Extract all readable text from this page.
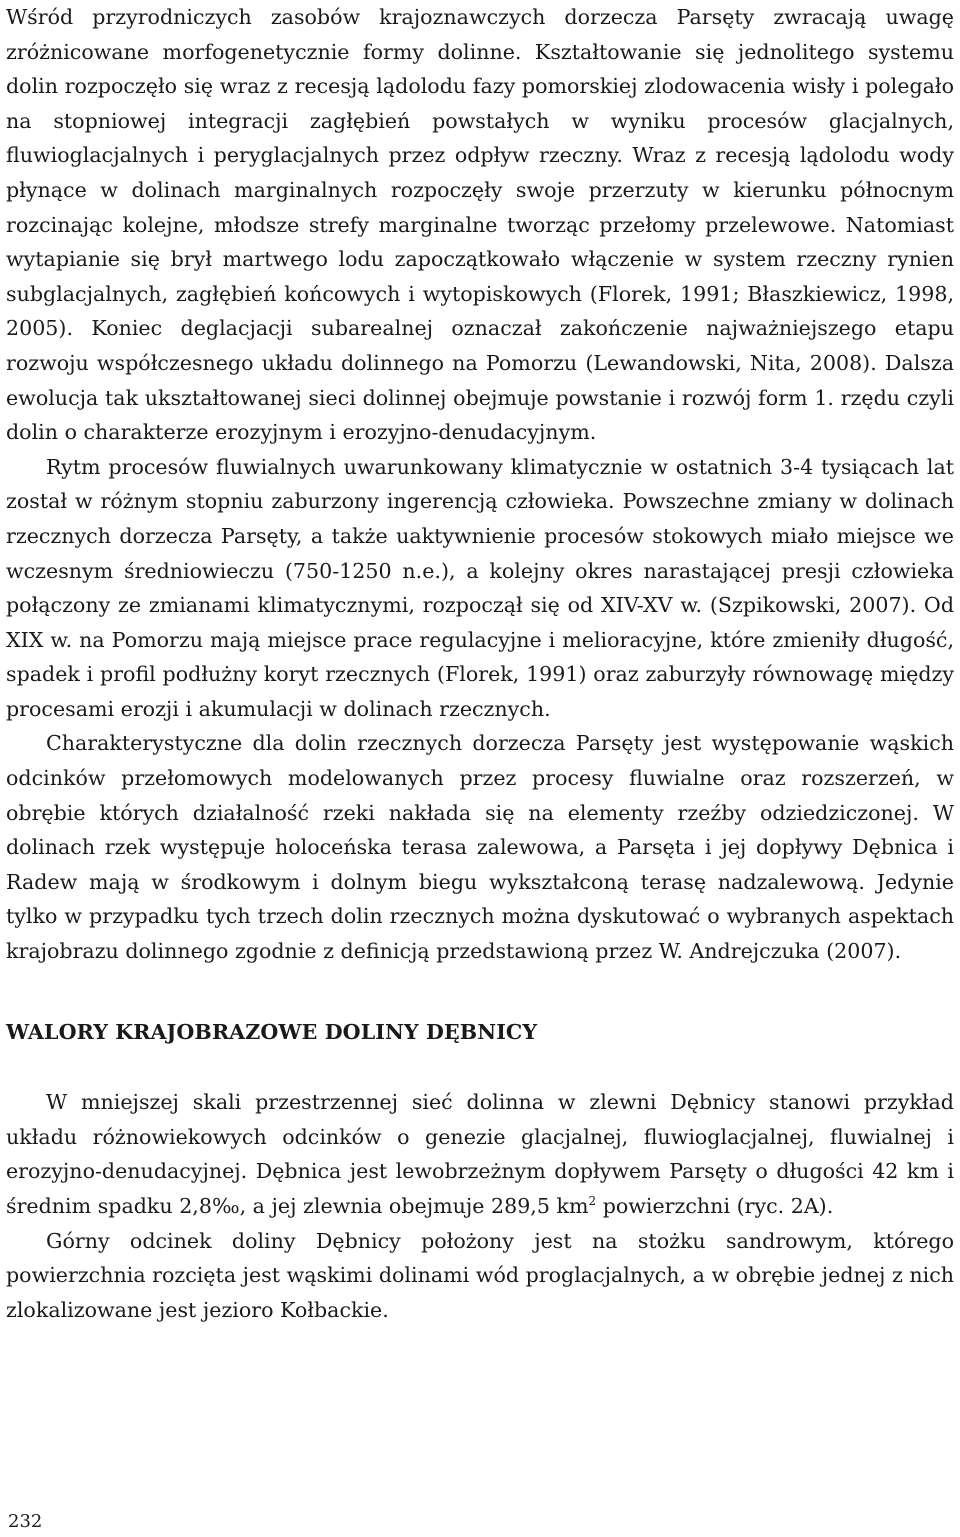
Wśród przyrodniczych zasobów krajoznawczych dorzecza Parsęty zwracają uwagę zróżnicowane morfogenetycznie formy dolinne. Kształtowanie się jednolitego systemu dolin rozpoczęło się wraz z recesją lądolodu fazy pomorskiej zlodowacenia wisły i polegało na stopniowej integracji zagłębień powstałych w wyniku procesów glacjalnych, fluwioglacjalnych i peryglacjalnych przez odpływ rzeczny. Wraz z recesją lądolodu wody płynące w dolinach marginalnych rozpoczęły swoje przerzuty w kierunku północnym rozcinając kolejne, młodsze strefy marginalne tworząc przełomy przelewowe. Natomiast wytapianie się brył martwego lodu zapoczątkowało włączenie w system rzeczny rynien subglacjalnych, zagłębień końcowych i wytopiskowych (Florek, 1991; Błaszkiewicz, 1998, 2005). Koniec deglacjacji subarealnej oznaczał zakończenie najważniejszego etapu rozwoju współczesnego układu dolinnego na Pomorzu (Lewandowski, Nita, 2008). Dalsza ewolucja tak ukształtowanej sieci dolinnej obejmuje powstanie i rozwój form 1. rzędu czyli dolin o charakterze erozyjnym i erozyjno-denudacyjnym.

Rytm procesów fluwialnych uwarunkowany klimatycznie w ostatnich 3-4 tysiącach lat został w różnym stopniu zaburzony ingerencją człowieka. Powszechne zmiany w dolinach rzecznych dorzecza Parsęty, a także uaktywnienie procesów stokowych miało miejsce we wczesnym średniowieczu (750-1250 n.e.), a kolejny okres narastającej presji człowieka połączony ze zmianami klimatycznymi, rozpoczął się od XIV-XV w. (Szpikowski, 2007). Od XIX w. na Pomorzu mają miejsce prace regulacyjne i melioracyjne, które zmieniły długość, spadek i profil podłużny koryt rzecznych (Florek, 1991) oraz zaburzyły równowagę między procesami erozji i akumulacji w dolinach rzecznych.

Charakterystyczne dla dolin rzecznych dorzecza Parsęty jest występowanie wąskich odcinków przełomowych modelowanych przez procesy fluwialne oraz rozszerzeń, w obrębie których działalność rzeki nakłada się na elementy rzeźby odziedziczonej. W dolinach rzek występuje holoceńska terasa zalewowa, a Parsęta i jej dopływy Dębnica i Radew mają w środkowym i dolnym biegu wykształconą terasę nadzalewową. Jedynie tylko w przypadku tych trzech dolin rzecznych można dyskutować o wybranych aspektach krajobrazu dolinnego zgodnie z definicją przedstawioną przez W. Andrejczuka (2007).

WALORY KRAJOBRAZOWE DOLINY DĘBNICY

W mniejszej skali przestrzennej sieć dolinna w zlewni Dębnicy stanowi przykład układu różnowiekowych odcinków o genezie glacjalnej, fluwioglacjalnej, fluwialnej i erozyjno-denudacyjnej. Dębnica jest lewobrzeżnym dopływem Parsęty o długości 42 km i średnim spadku 2,8‰, a jej zlewnia obejmuje 289,5 $km^2$ powierzchni (ryc. 2A).

Górny odcinek doliny Dębnicy położony jest na stożku sandrowym, którego powierzchnia rozcięta jest wąskimi dolinami wód proglacjalnych, a w obrębie jednej z nich zlokalizowane jest jezioro Kołbackie.

232
